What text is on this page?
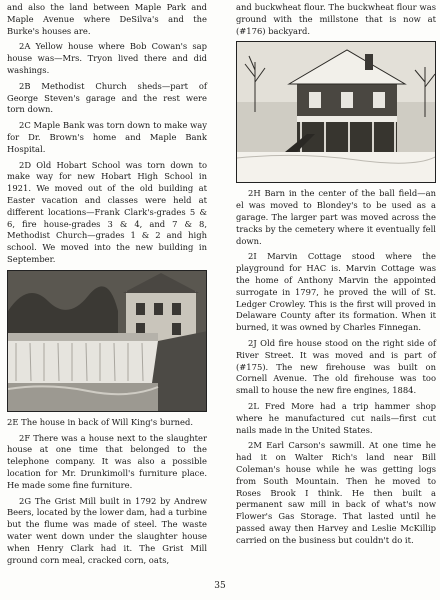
and also the land between Maple Park and Maple Avenue where DeSilva's and the Burke's houses are.

2A Yellow house where Bob Cowan's sap house was—Mrs. Tryon lived there and did washings.

2B Methodist Church sheds—part of George Steven's garage and the rest were torn down.

2C Maple Bank was torn down to make way for Dr. Brown's home and Maple Bank Hospital.

2D Old Hobart School was torn down to make way for new Hobart High School in 1921. We moved out of the old building at Easter vacation and classes were held at different locations—Frank Clark's-grades 5 & 6, fire house-grades 3 & 4, and 7 & 8, Methodist Church—grades 1 & 2 and high school. We moved into the new building in September.

2E The house in back of Will King's burned.

2F There was a house next to the slaughter house at one time that belonged to the telephone company. It was also a possible location for Mr. Drunkimoll's furniture place. He made some fine furniture.

2G The Grist Mill built in 1792 by Andrew Beers, located by the lower dam, had a turbine but the flume was made of steel. The waste water went down under the slaughter house when Henry Clark had it. The Grist Mill ground corn meal, cracked corn, oats,

and buckwheat flour. The buckwheat flour was ground with the millstone that is now at (#176) backyard.

2H Barn in the center of the ball field—an el was moved to Blondey's to be used as a garage. The larger part was moved across the tracks by the cemetery where it eventually fell down.

2I Marvin Cottage stood where the playground for HAC is. Marvin Cottage was the home of Anthony Marvin the appointed surrogate in 1797, he proved the will of St. Ledger Crowley. This is the first will proved in Delaware County after its formation. When it burned, it was owned by Charles Finnegan.

2J Old fire house stood on the right side of River Street. It was moved and is part of (#175). The new firehouse was built on Cornell Avenue. The old firehouse was too small to house the new fire engines, 1884.

2L Fred More had a trip hammer shop where he manufactured cut nails—first cut nails made in the United States.

2M Earl Carson's sawmill. At one time he had it on Walter Rich's land near Bill Coleman's house while he was getting logs from South Mountain. Then he moved to Roses Brook I think. He then built a permanent saw mill in back of what's now Flower's Gas Storage. That lasted until he passed away then Harvey and Leslie McKillip carried on the business but couldn't do it.

35
